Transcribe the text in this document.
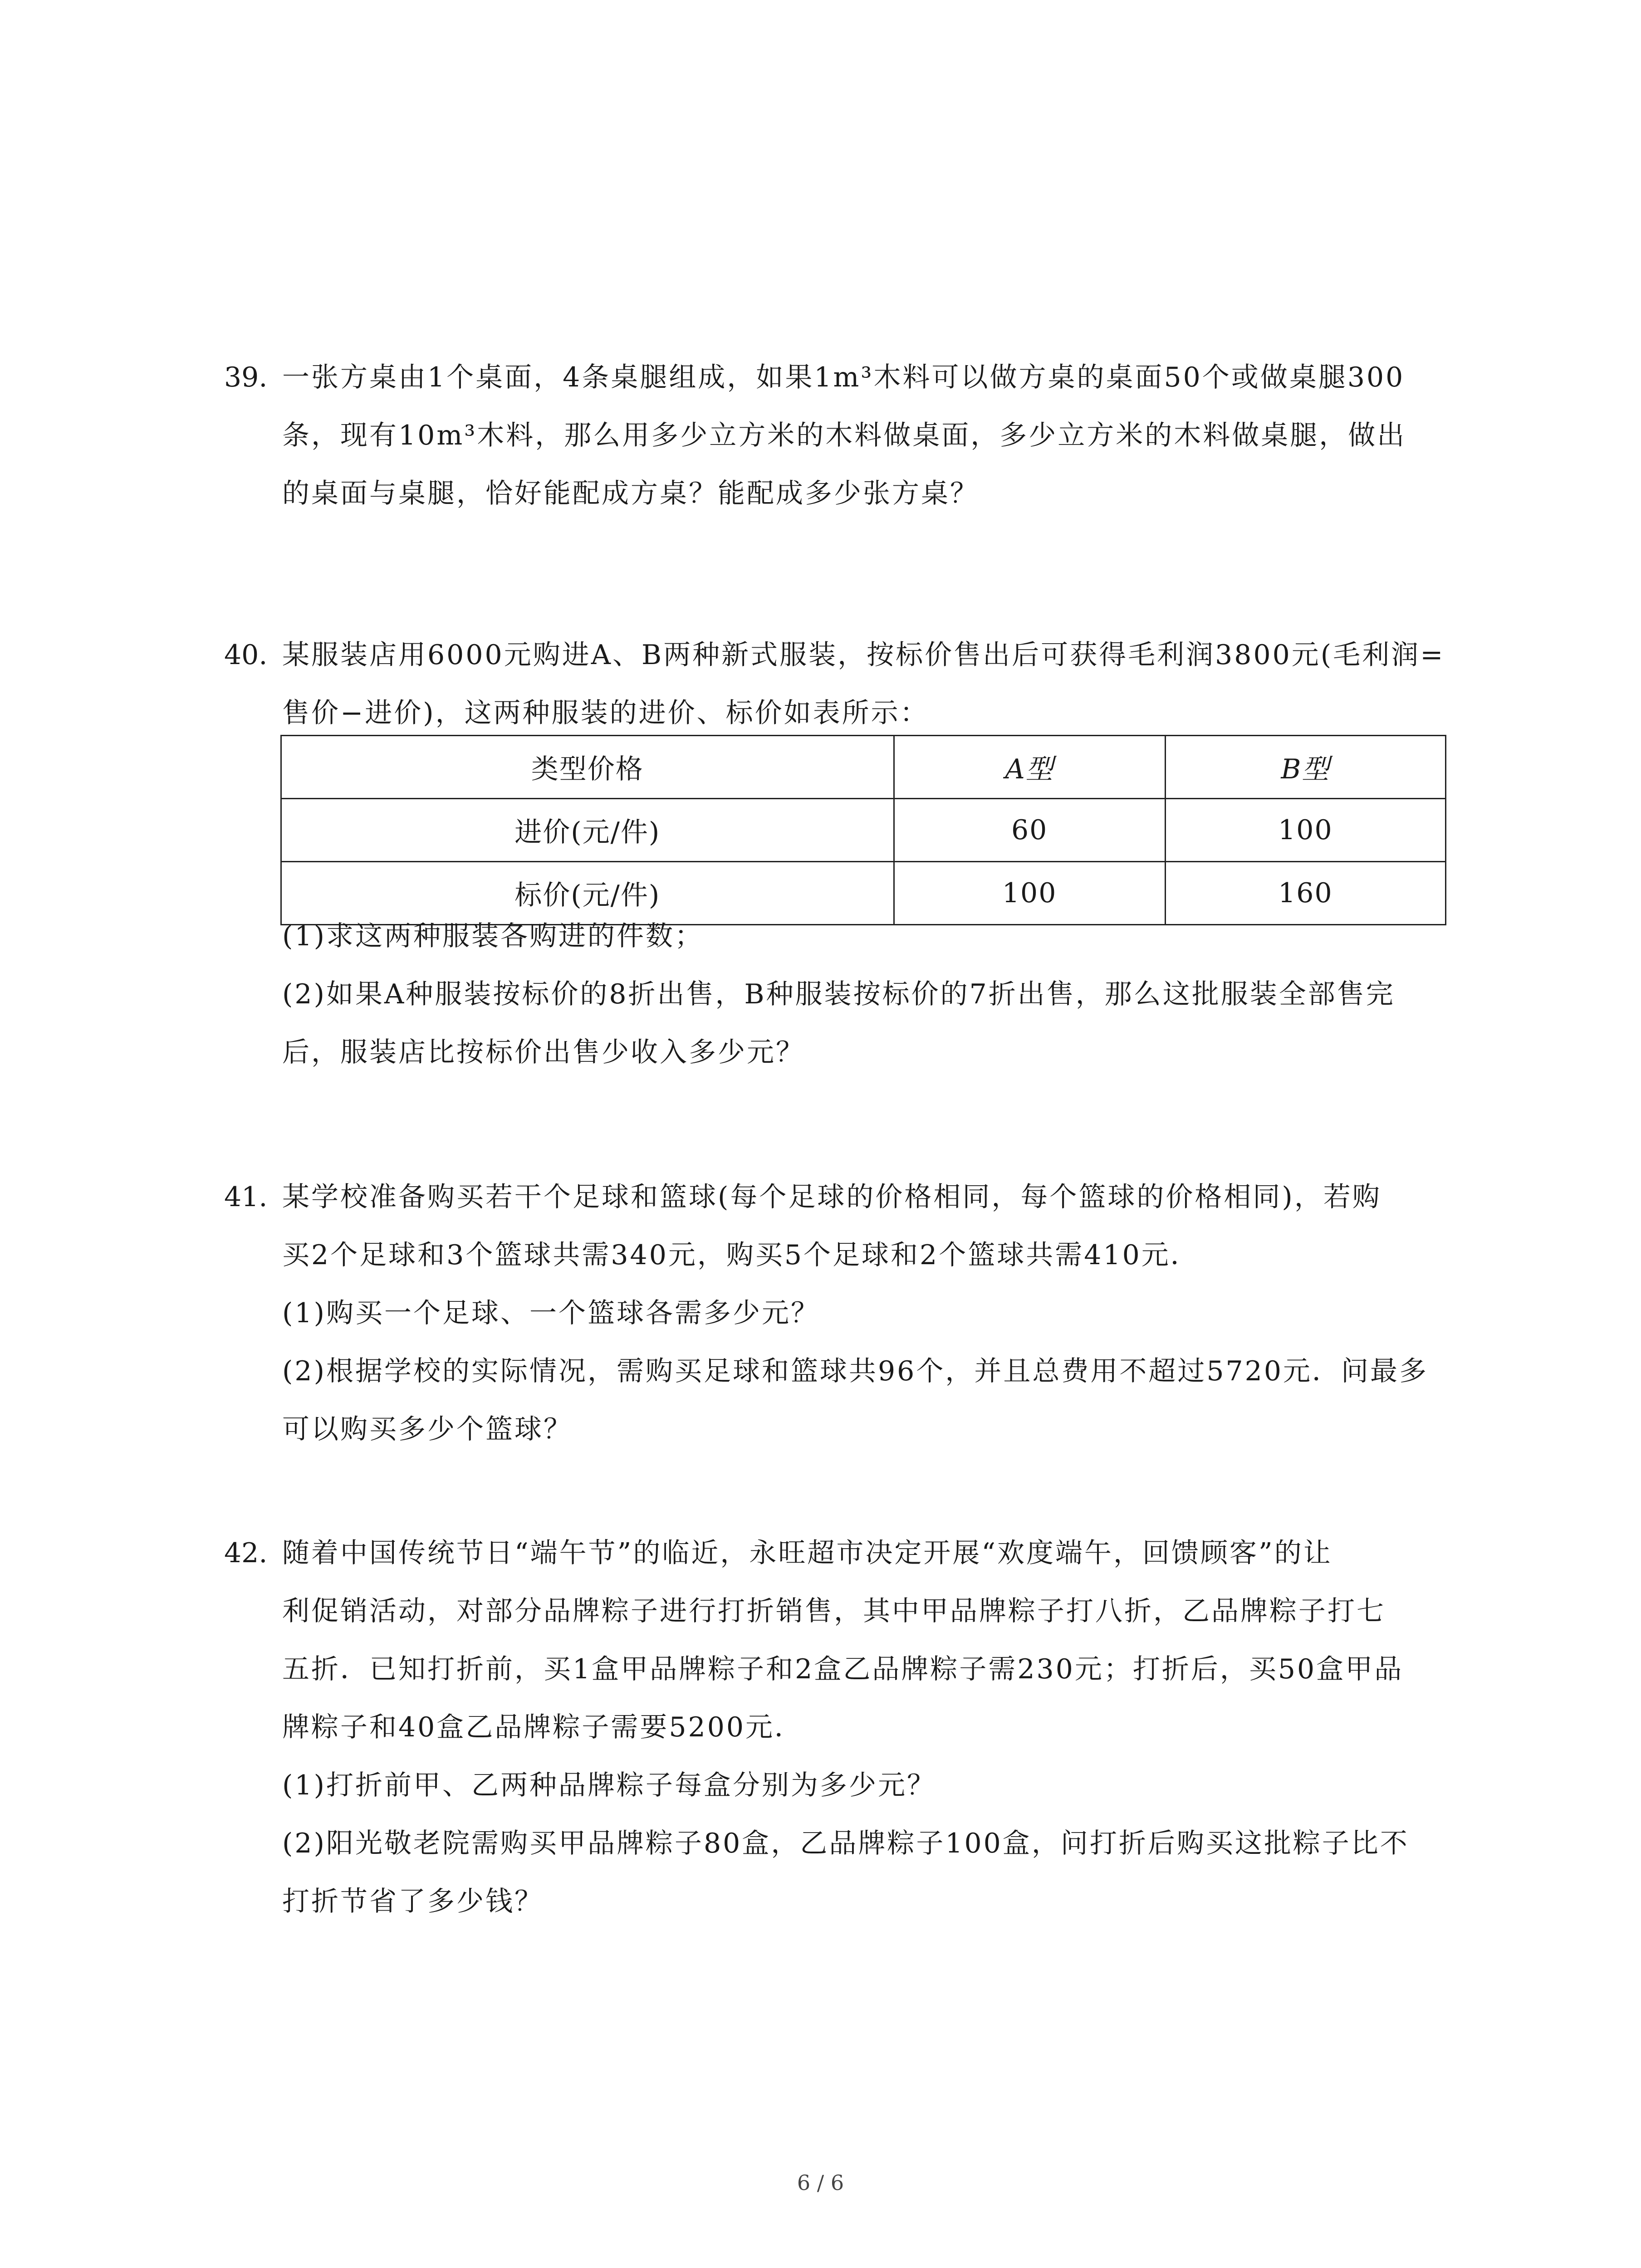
39. 一张方桌由1个桌面，4条桌腿组成，如果1m³木料可以做方桌的桌面50个或做桌腿300
条，现有10m³木料，那么用多少立方米的木料做桌面，多少立方米的木料做桌腿，做出
的桌面与桌腿，恰好能配成方桌？能配成多少张方桌？
40. 某服装店用6000元购进A、B两种新式服装，按标价售出后可获得毛利润3800元(毛利润=
售价−进价)，这两种服装的进价、标价如表所示：
类型价格	A型	B型
进价(元/件)	60	100
标价(元/件)	100	160
(1)求这两种服装各购进的件数；
(2)如果A种服装按标价的8折出售，B种服装按标价的7折出售，那么这批服装全部售完
后，服装店比按标价出售少收入多少元？
41. 某学校准备购买若干个足球和篮球(每个足球的价格相同，每个篮球的价格相同)，若购
买2个足球和3个篮球共需340元，购买5个足球和2个篮球共需410元．
(1)购买一个足球、一个篮球各需多少元？
(2)根据学校的实际情况，需购买足球和篮球共96个，并且总费用不超过5720元．问最多
可以购买多少个篮球？
42. 随着中国传统节日“端午节”的临近，永旺超市决定开展“欢度端午，回馈顾客”的让
利促销活动，对部分品牌粽子进行打折销售，其中甲品牌粽子打八折，乙品牌粽子打七
五折．已知打折前，买1盒甲品牌粽子和2盒乙品牌粽子需230元；打折后，买50盒甲品
牌粽子和40盒乙品牌粽子需要5200元．
(1)打折前甲、乙两种品牌粽子每盒分别为多少元？
(2)阳光敬老院需购买甲品牌粽子80盒，乙品牌粽子100盒，问打折后购买这批粽子比不
打折节省了多少钱？
6 / 6
